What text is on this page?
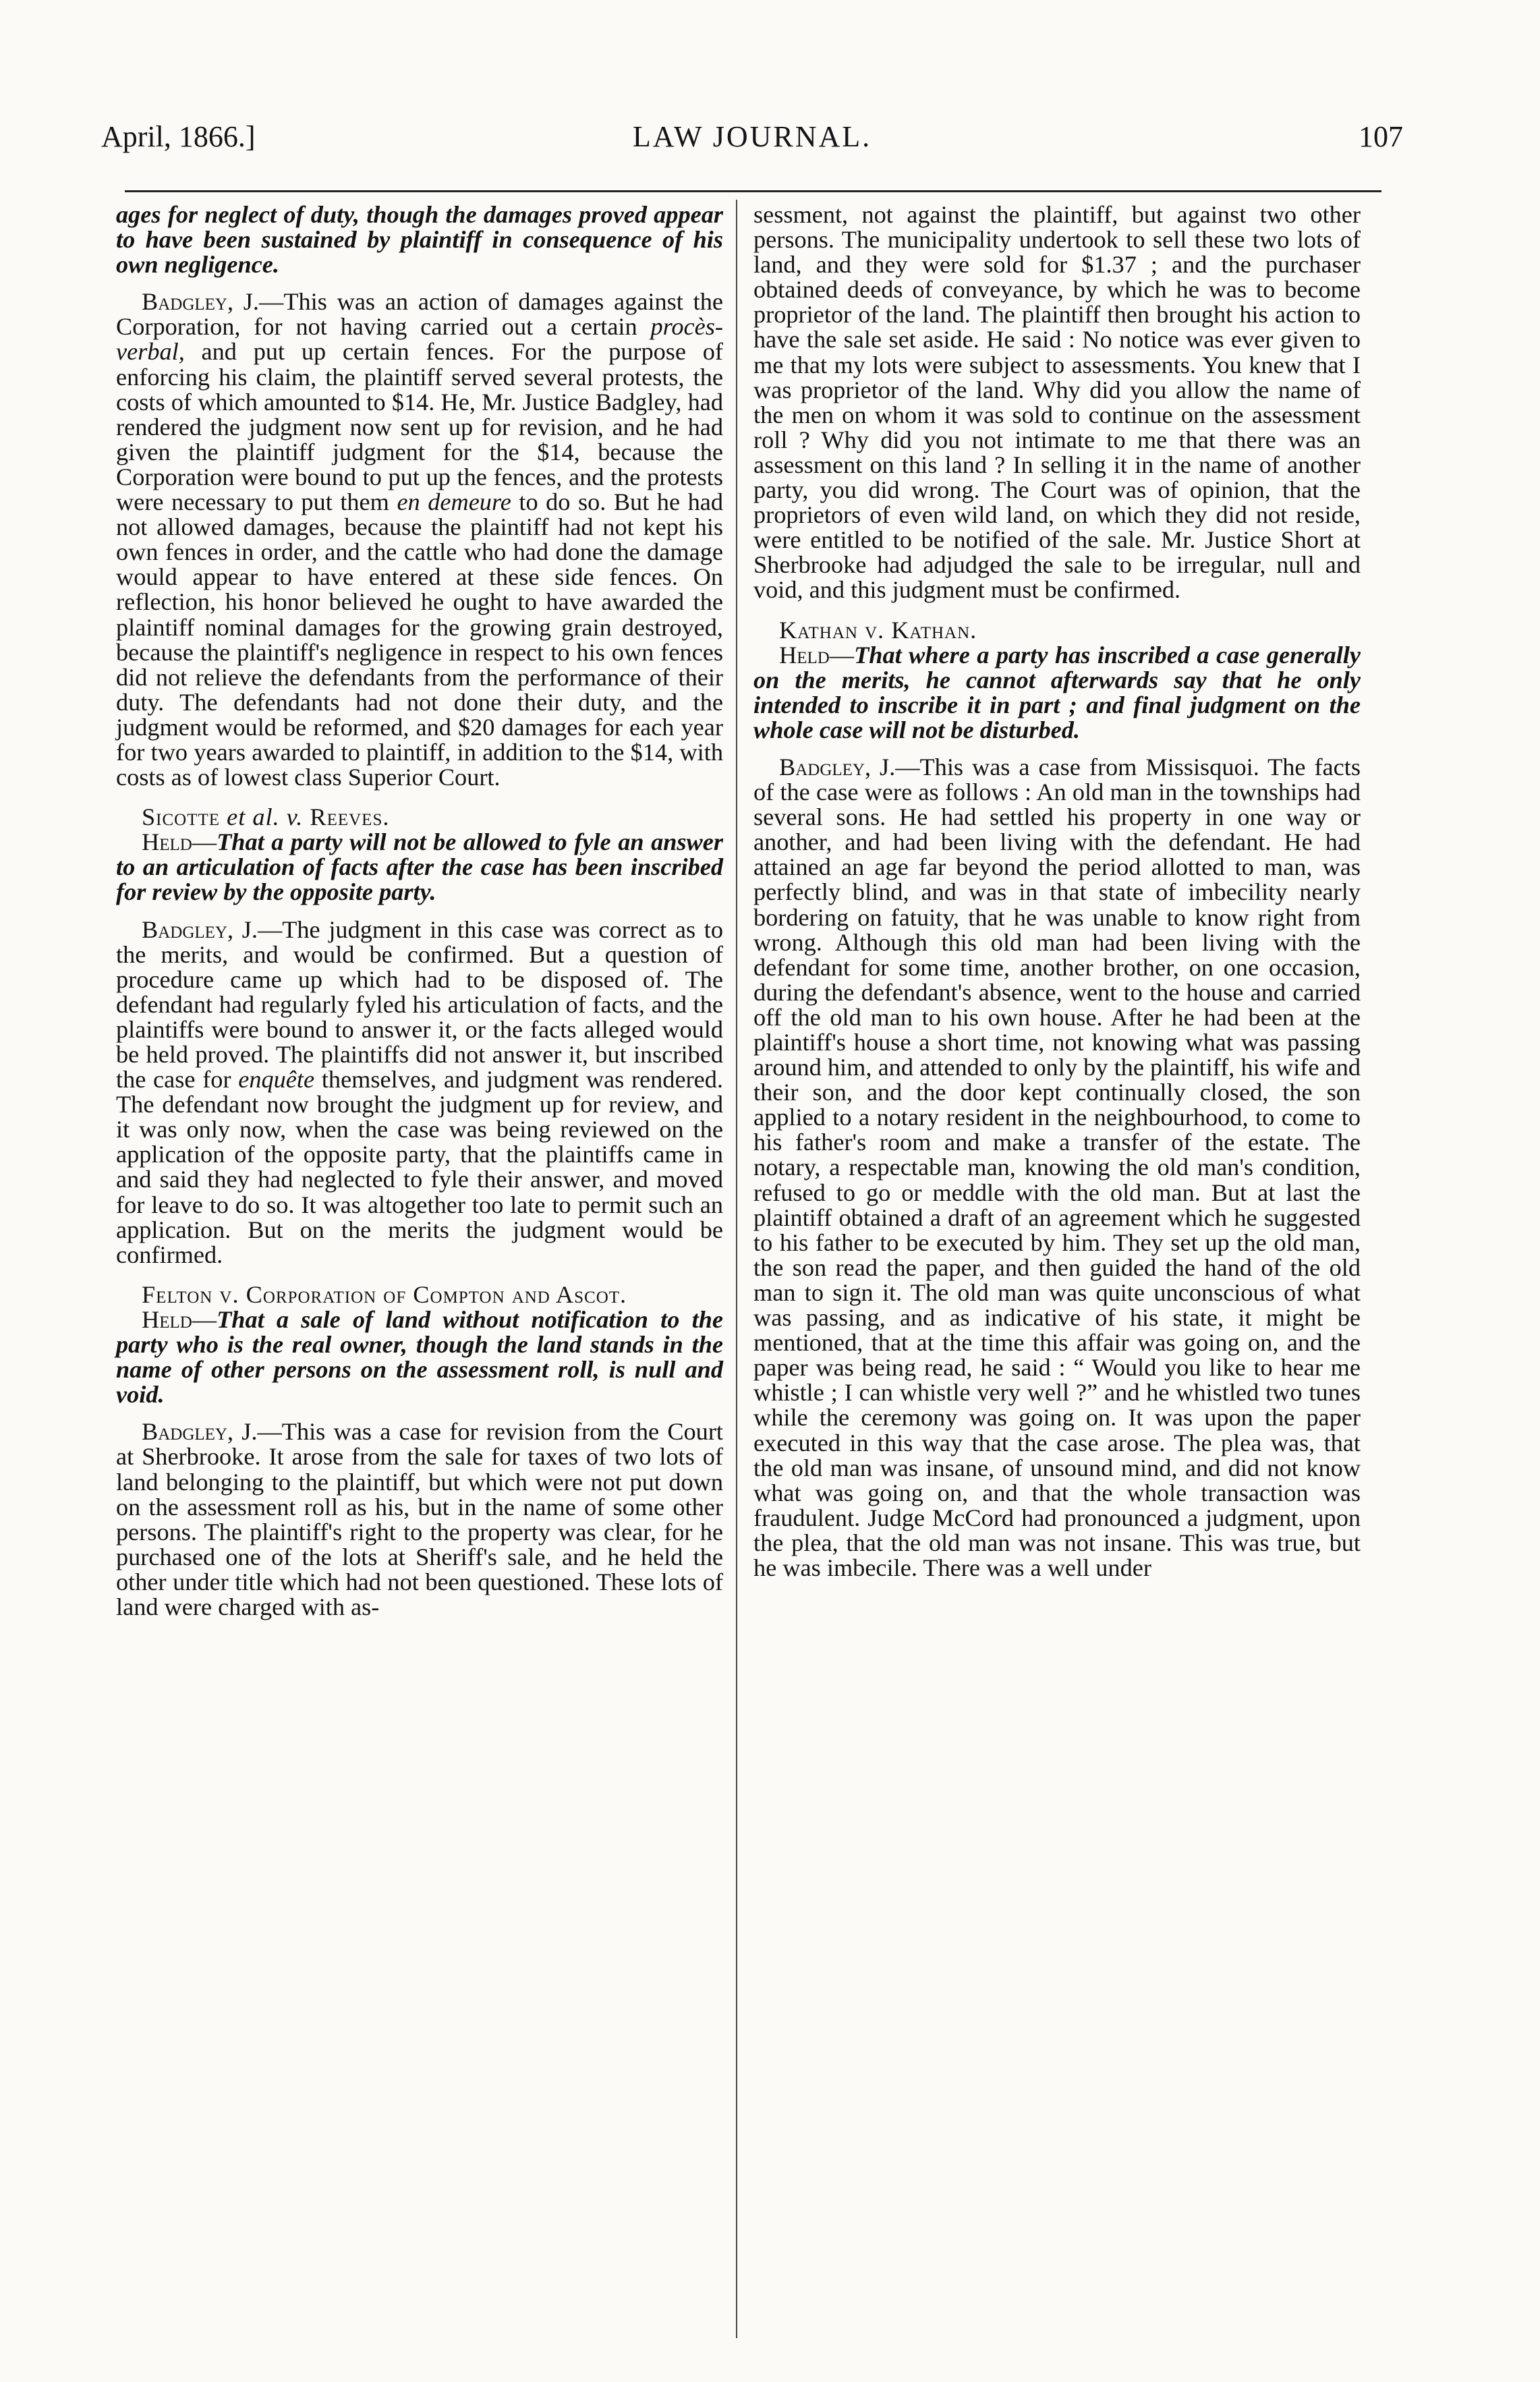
April, 1866.]	LAW JOURNAL.	107

ages for neglect of duty, though the damages proved appear to have been sustained by plaintiff in consequence of his own negligence.

Badgley, J.—This was an action of damages against the Corporation, for not having carried out a certain procès-verbal, and put up certain fences. For the purpose of enforcing his claim, the plaintiff served several protests, the costs of which amounted to $14. He, Mr. Justice Badgley, had rendered the judgment now sent up for revision, and he had given the plaintiff judgment for the $14, because the Corporation were bound to put up the fences, and the protests were necessary to put them en demeure to do so. But he had not allowed damages, because the plaintiff had not kept his own fences in order, and the cattle who had done the damage would appear to have entered at these side fences. On reflection, his honor believed he ought to have awarded the plaintiff nominal damages for the growing grain destroyed, because the plaintiff's negligence in respect to his own fences did not relieve the defendants from the performance of their duty. The defendants had not done their duty, and the judgment would be reformed, and $20 damages for each year for two years awarded to plaintiff, in addition to the $14, with costs as of lowest class Superior Court.

Sicotte et al. v. Reeves.

Held—That a party will not be allowed to fyle an answer to an articulation of facts after the case has been inscribed for review by the opposite party.

Badgley, J.—The judgment in this case was correct as to the merits, and would be confirmed. But a question of procedure came up which had to be disposed of. The defendant had regularly fyled his articulation of facts, and the plaintiffs were bound to answer it, or the facts alleged would be held proved. The plaintiffs did not answer it, but inscribed the case for enquête themselves, and judgment was rendered. The defendant now brought the judgment up for review, and it was only now, when the case was being reviewed on the application of the opposite party, that the plaintiffs came in and said they had neglected to fyle their answer, and moved for leave to do so. It was altogether too late to permit such an application. But on the merits the judgment would be confirmed.

Felton v. Corporation of Compton and Ascot.

Held—That a sale of land without notification to the party who is the real owner, though the land stands in the name of other persons on the assessment roll, is null and void.

Badgley, J.—This was a case for revision from the Court at Sherbrooke. It arose from the sale for taxes of two lots of land belonging to the plaintiff, but which were not put down on the assessment roll as his, but in the name of some other persons. The plaintiff's right to the property was clear, for he purchased one of the lots at Sheriff's sale, and he held the other under title which had not been questioned. These lots of land were charged with as-

sessment, not against the plaintiff, but against two other persons. The municipality undertook to sell these two lots of land, and they were sold for $1.37 ; and the purchaser obtained deeds of conveyance, by which he was to become proprietor of the land. The plaintiff then brought his action to have the sale set aside. He said : No notice was ever given to me that my lots were subject to assessments. You knew that I was proprietor of the land. Why did you allow the name of the men on whom it was sold to continue on the assessment roll ? Why did you not intimate to me that there was an assessment on this land ? In selling it in the name of another party, you did wrong. The Court was of opinion, that the proprietors of even wild land, on which they did not reside, were entitled to be notified of the sale. Mr. Justice Short at Sherbrooke had adjudged the sale to be irregular, null and void, and this judgment must be confirmed.

Kathan v. Kathan.

Held—That where a party has inscribed a case generally on the merits, he cannot afterwards say that he only intended to inscribe it in part ; and final judgment on the whole case will not be disturbed.

Badgley, J.—This was a case from Missisquoi. The facts of the case were as follows : An old man in the townships had several sons. He had settled his property in one way or another, and had been living with the defendant. He had attained an age far beyond the period allotted to man, was perfectly blind, and was in that state of imbecility nearly bordering on fatuity, that he was unable to know right from wrong. Although this old man had been living with the defendant for some time, another brother, on one occasion, during the defendant's absence, went to the house and carried off the old man to his own house. After he had been at the plaintiff's house a short time, not knowing what was passing around him, and attended to only by the plaintiff, his wife and their son, and the door kept continually closed, the son applied to a notary resident in the neighbourhood, to come to his father's room and make a transfer of the estate. The notary, a respectable man, knowing the old man's condition, refused to go or meddle with the old man. But at last the plaintiff obtained a draft of an agreement which he suggested to his father to be executed by him. They set up the old man, the son read the paper, and then guided the hand of the old man to sign it. The old man was quite unconscious of what was passing, and as indicative of his state, it might be mentioned, that at the time this affair was going on, and the paper was being read, he said : “ Would you like to hear me whistle ; I can whistle very well ?” and he whistled two tunes while the ceremony was going on. It was upon the paper executed in this way that the case arose. The plea was, that the old man was insane, of unsound mind, and did not know what was going on, and that the whole transaction was fraudulent. Judge McCord had pronounced a judgment, upon the plea, that the old man was not insane. This was true, but he was imbecile. There was a well under
